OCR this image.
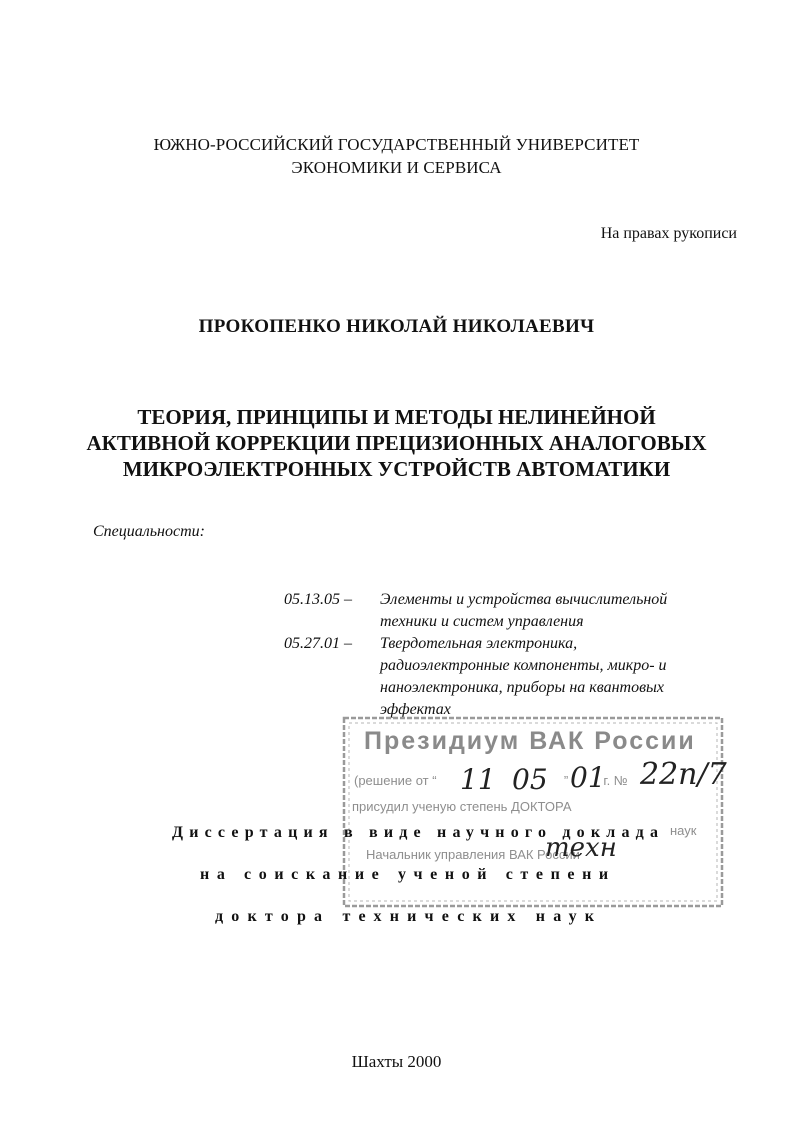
ЮЖНО-РОССИЙСКИЙ ГОСУДАРСТВЕННЫЙ УНИВЕРСИТЕТ
ЭКОНОМИКИ И СЕРВИСА
На правах рукописи
ПРОКОПЕНКО НИКОЛАЙ НИКОЛАЕВИЧ
ТЕОРИЯ, ПРИНЦИПЫ И МЕТОДЫ НЕЛИНЕЙНОЙ
АКТИВНОЙ КОРРЕКЦИИ ПРЕЦИЗИОННЫХ АНАЛОГОВЫХ
МИКРОЭЛЕКТРОННЫХ УСТРОЙСТВ АВТОМАТИКИ
Специальности:
05.13.05 –	Элементы и устройства вычислительной
техники и систем управления
05.27.01 –	Твердотельная электроника,
радиоэлектронные компоненты, микро- и
наноэлектроника, приборы на квантовых
эффектах
Президиум ВАК России
(решение от “	”	г. №
присудил ученую степень ДОКТОРА
наук
Начальник управления ВАК России
11 05 01 22п/7
техн
Диссертация в виде научного доклада
на соискание ученой степени
доктора технических наук
Шахты 2000
